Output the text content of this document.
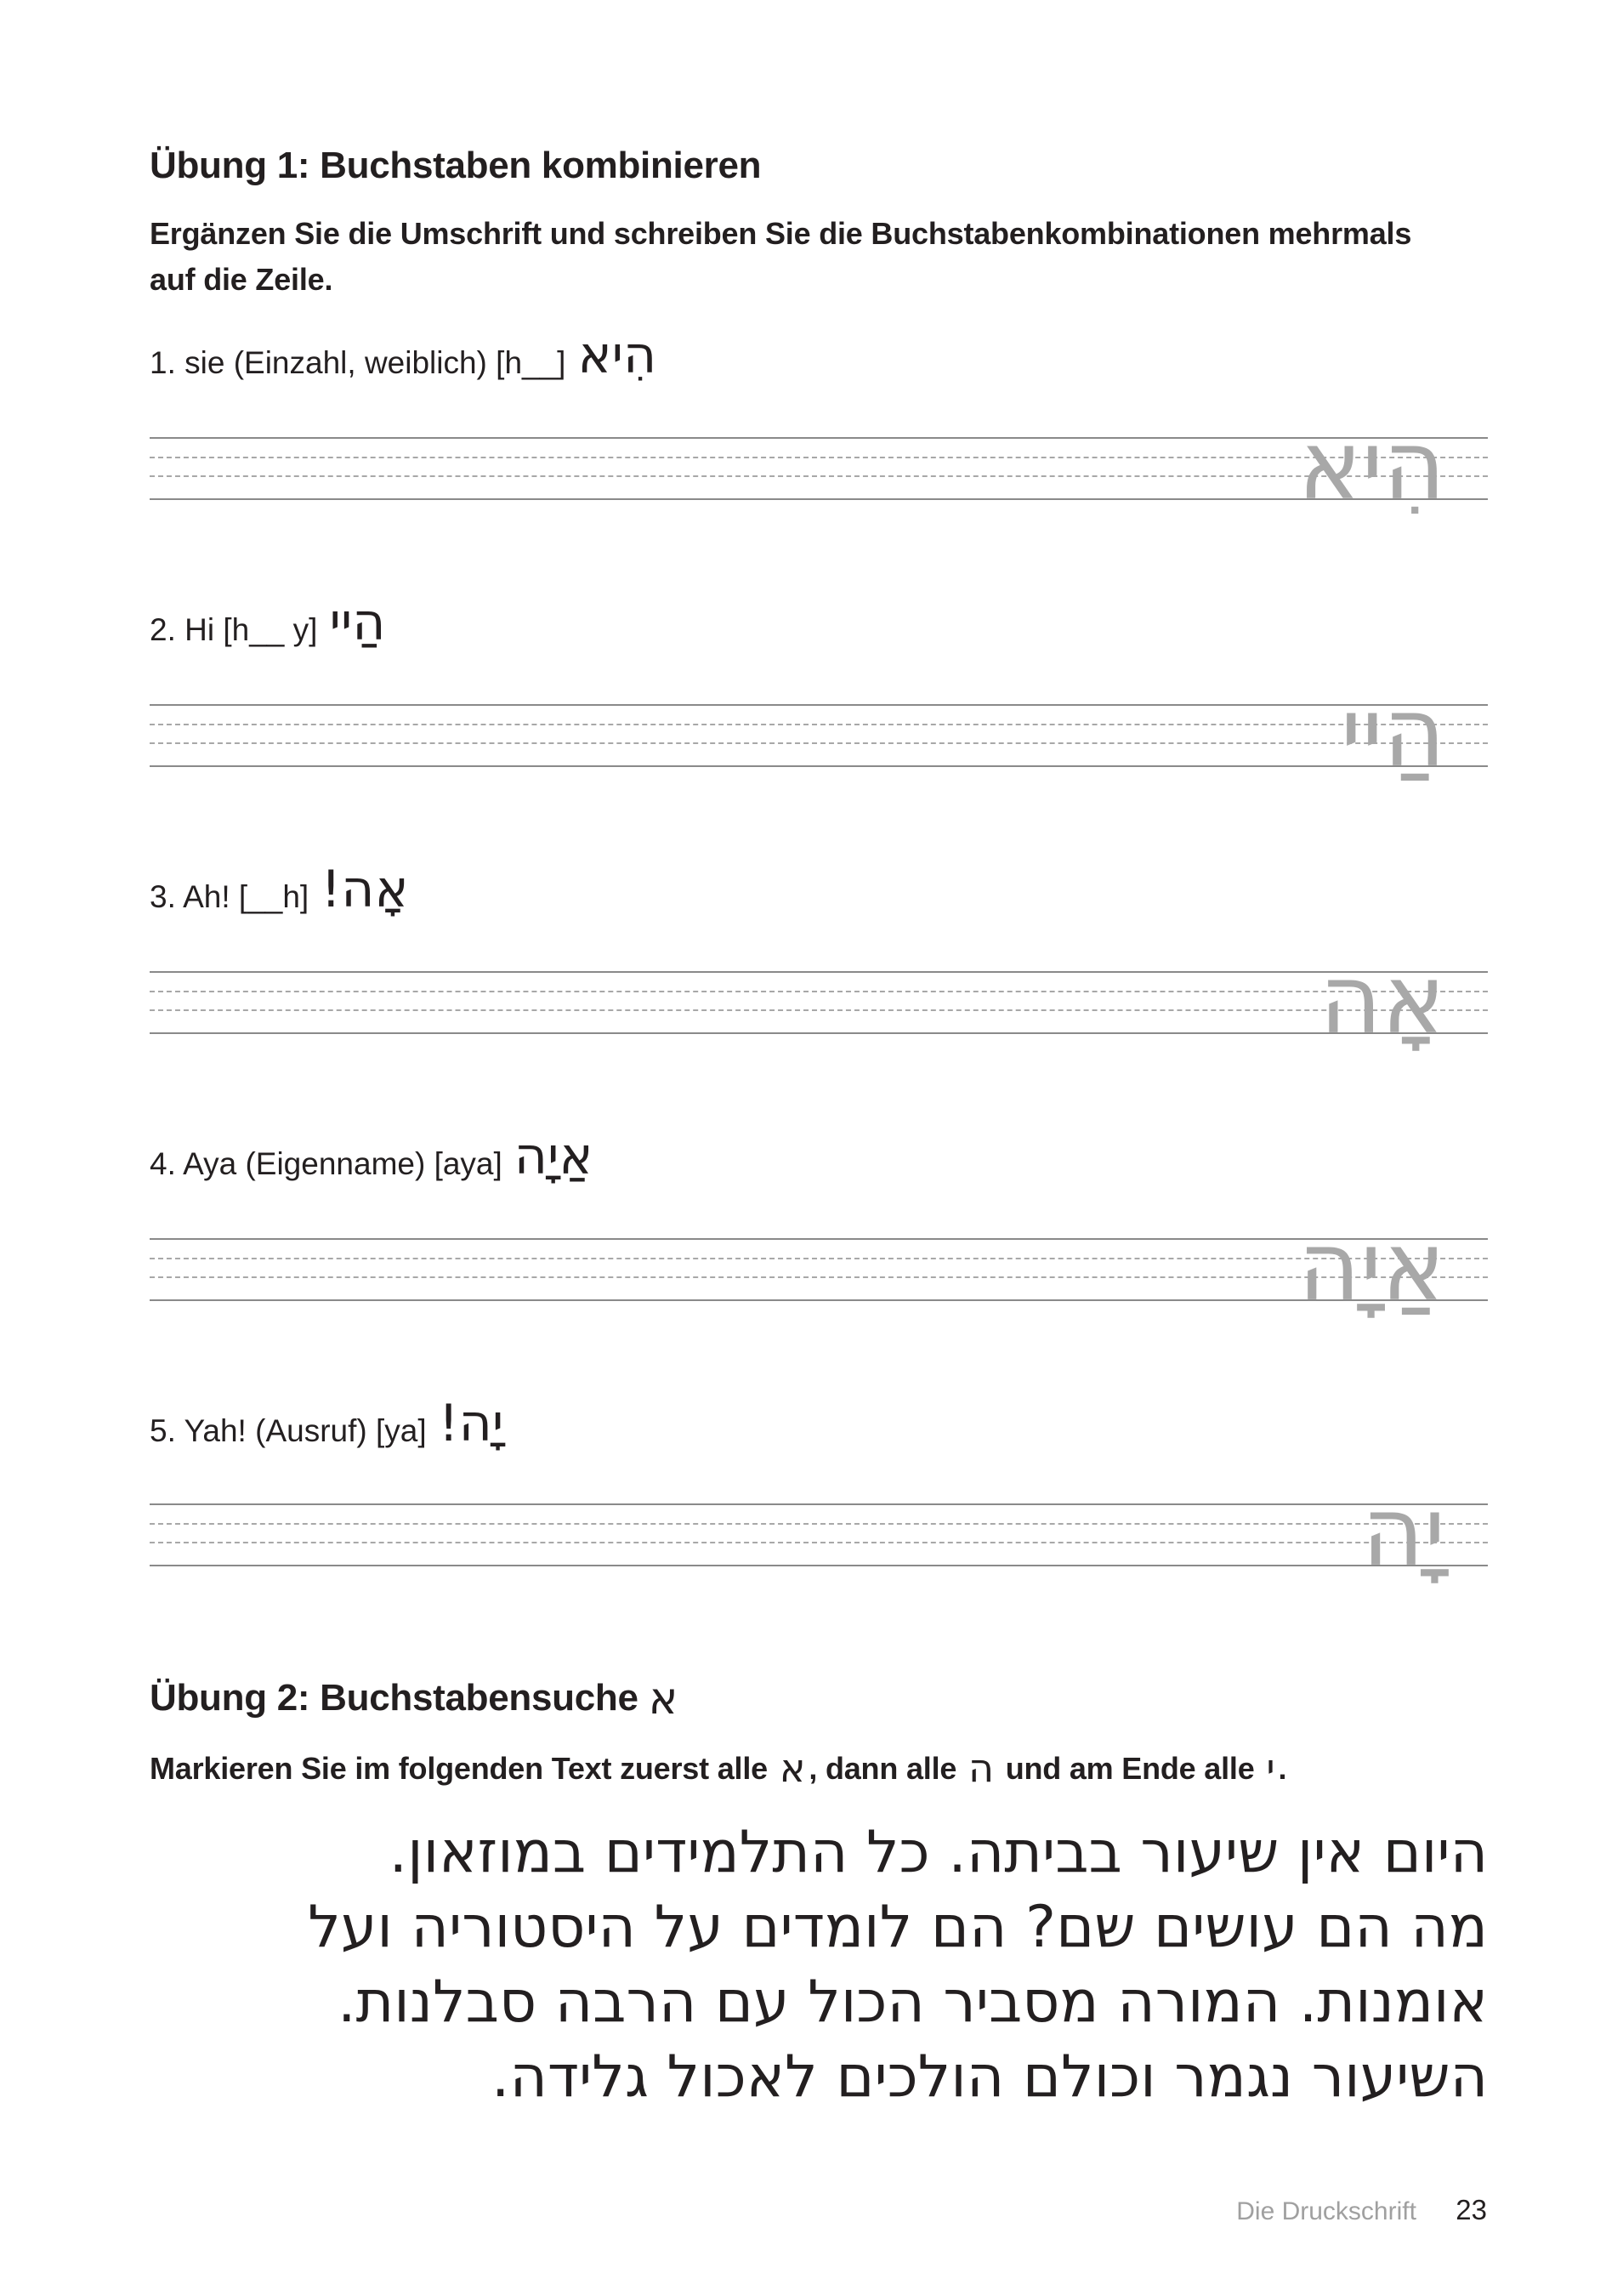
Übung 1: Buchstaben kombinieren
Ergänzen Sie die Umschrift und schreiben Sie die Buchstabenkombinationen mehrmals
auf die Zeile.
1. sie (Einzahl, weiblich) [h__] הִיא
הִיא
2. Hi [h__ y] הַיי
הַיי
3. Ah! [__h] אָה!
אָה
4. Aya (Eigenname) [aya] אַיָה
אַיָה
5. Yah! (Ausruf) [ya] יָה!
יָה
Übung 2: Buchstabensuche א
Markieren Sie im folgenden Text zuerst alle א , dann alle ה und am Ende alle י .
היום אין שיעור בביתה. כל התלמידים במוזאון.
מה הם עושים שם? הם לומדים על היסטוריה ועל
אומנות. המורה מסביר הכול עם הרבה סבלנות.
השיעור נגמר וכולם הולכים לאכול גלידה.
Die Druckschrift 23
